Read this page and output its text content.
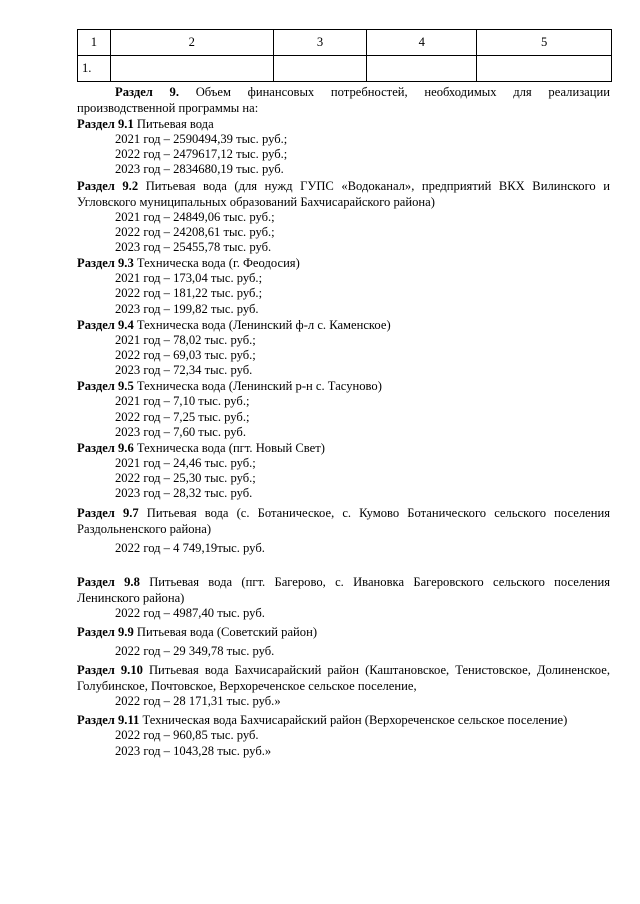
1	2	3	4	5
1.				
Раздел 9. Объем финансовых потребностей, необходимых для реализации
производственной программы на:
Раздел 9.1 Питьевая вода
2021 год – 2590494,39 тыс. руб.;
2022 год – 2479617,12 тыс. руб.;
2023 год – 2834680,19 тыс. руб.
Раздел 9.2 Питьевая вода (для нужд ГУПС «Водоканал», предприятий ВКХ Вилинского и Угловского муниципальных образований Бахчисарайского района)
2021 год – 24849,06 тыс. руб.;
2022 год – 24208,61 тыс. руб.;
2023 год – 25455,78 тыс. руб.
Раздел 9.3 Техническа вода (г. Феодосия)
2021 год – 173,04 тыс. руб.;
2022 год – 181,22 тыс. руб.;
2023 год – 199,82 тыс. руб.
Раздел 9.4 Техническа вода (Ленинский ф-л с. Каменское)
2021 год – 78,02 тыс. руб.;
2022 год – 69,03 тыс. руб.;
2023 год – 72,34 тыс. руб.
Раздел 9.5 Техническа вода (Ленинский р-н с. Тасуново)
2021 год – 7,10 тыс. руб.;
2022 год – 7,25 тыс. руб.;
2023 год – 7,60 тыс. руб.
Раздел 9.6 Техническа вода (пгт. Новый Свет)
2021 год – 24,46 тыс. руб.;
2022 год – 25,30 тыс. руб.;
2023 год – 28,32 тыс. руб.
Раздел 9.7 Питьевая вода (с. Ботаническое, с. Кумово Ботанического сельского поселения Раздольненского района)
2022 год – 4 749,19тыс. руб.
Раздел 9.8 Питьевая вода (пгт. Багерово, с. Ивановка Багеровского сельского поселения Ленинского района)
2022 год – 4987,40 тыс. руб.
Раздел 9.9 Питьевая вода (Советский район)
2022 год – 29 349,78 тыс. руб.
Раздел 9.10 Питьевая вода Бахчисарайский район (Каштановское, Тенистовское, Долиненское, Голубинское, Почтовское, Верхореченское сельское поселение,
2022 год – 28 171,31 тыс. руб.»
Раздел 9.11 Техническая вода Бахчисарайский район (Верхореченское сельское поселение)
2022 год – 960,85 тыс. руб.
2023 год – 1043,28 тыс. руб.»
